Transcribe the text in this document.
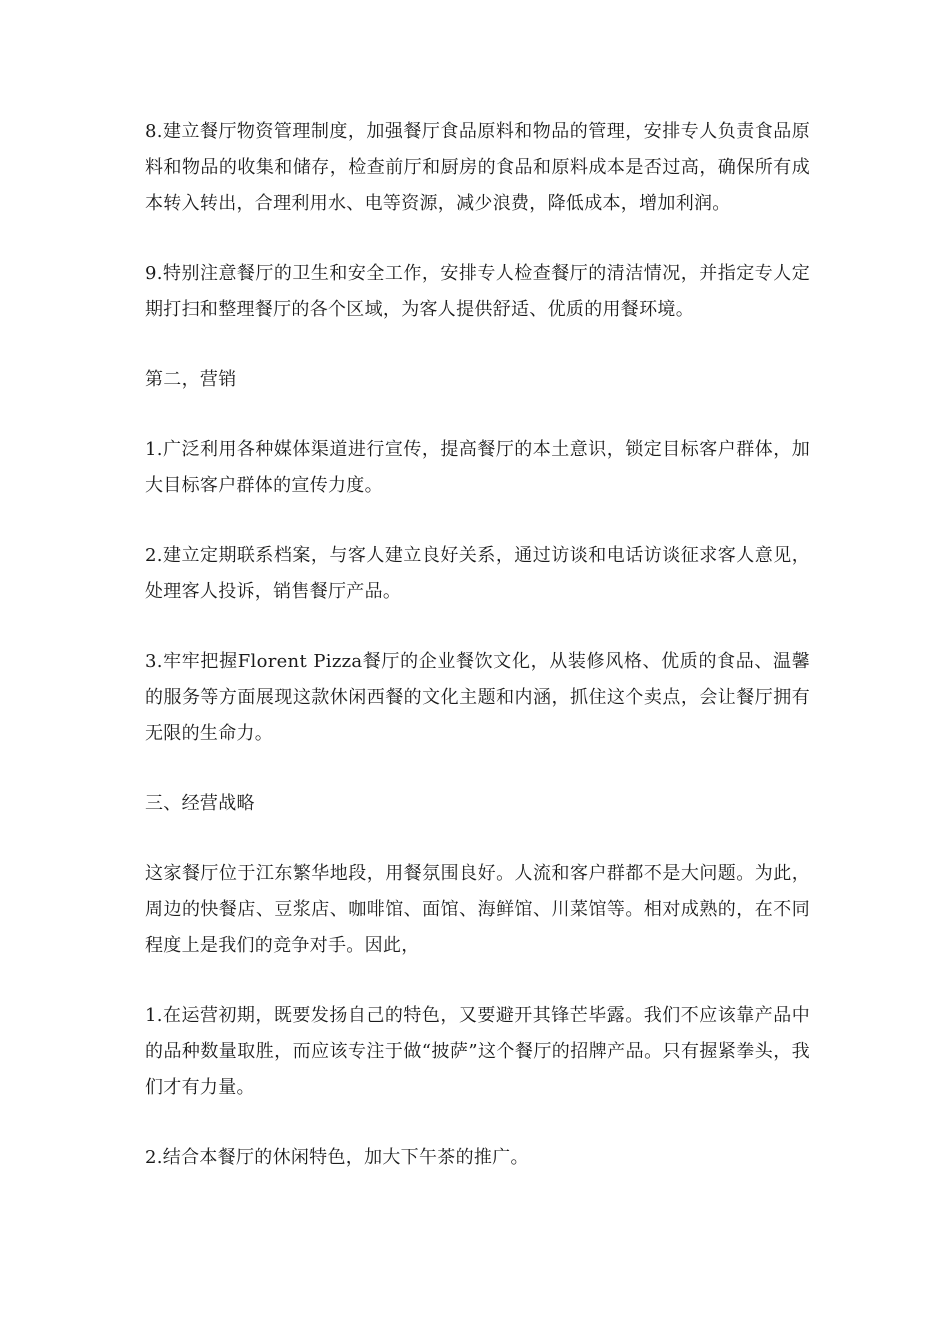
8.建立餐厅物资管理制度，加强餐厅食品原料和物品的管理，安排专人负责食品原料和物品的收集和储存，检查前厅和厨房的食品和原料成本是否过高，确保所有成本转入转出，合理利用水、电等资源，减少浪费，降低成本，增加利润。

9.特别注意餐厅的卫生和安全工作，安排专人检查餐厅的清洁情况，并指定专人定期打扫和整理餐厅的各个区域，为客人提供舒适、优质的用餐环境。

第二，营销

1.广泛利用各种媒体渠道进行宣传，提高餐厅的本土意识，锁定目标客户群体，加大目标客户群体的宣传力度。

2.建立定期联系档案，与客人建立良好关系，通过访谈和电话访谈征求客人意见，处理客人投诉，销售餐厅产品。

3.牢牢把握Florent Pizza餐厅的企业餐饮文化，从装修风格、优质的食品、温馨的服务等方面展现这款休闲西餐的文化主题和内涵，抓住这个卖点，会让餐厅拥有无限的生命力。

三、经营战略

这家餐厅位于江东繁华地段，用餐氛围良好。人流和客户群都不是大问题。为此，周边的快餐店、豆浆店、咖啡馆、面馆、海鲜馆、川菜馆等。相对成熟的，在不同程度上是我们的竞争对手。因此，

1.在运营初期，既要发扬自己的特色，又要避开其锋芒毕露。我们不应该靠产品中的品种数量取胜，而应该专注于做“披萨”这个餐厅的招牌产品。只有握紧拳头，我们才有力量。

2.结合本餐厅的休闲特色，加大下午茶的推广。
